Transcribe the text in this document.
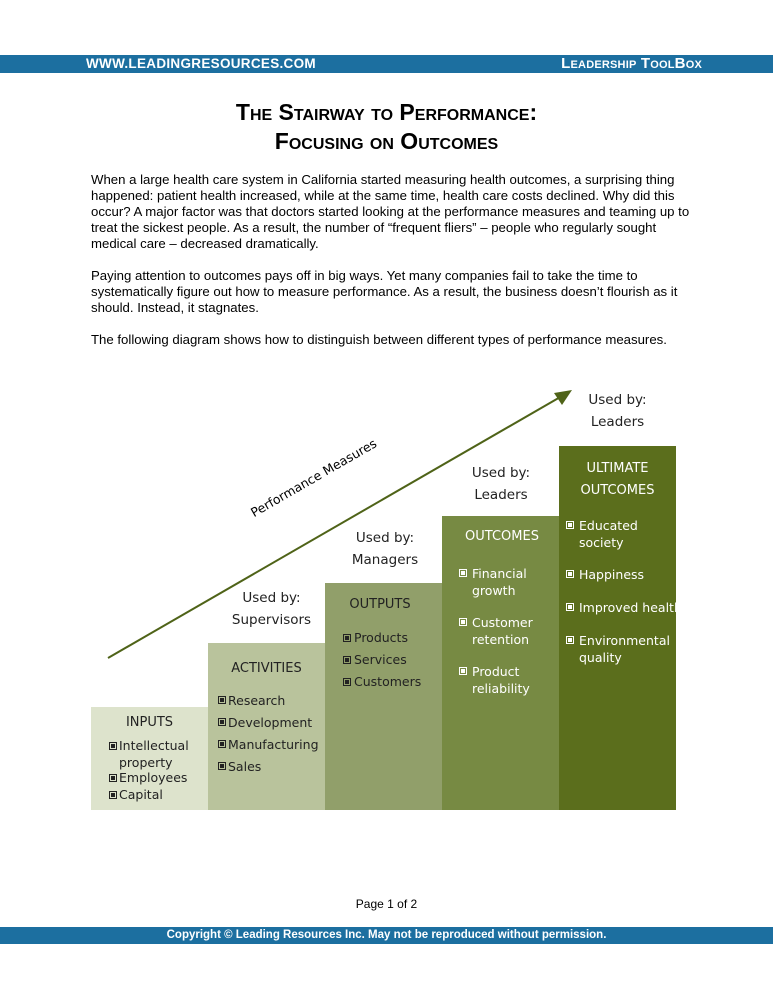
WWW.LEADINGRESOURCES.COM	Leadership ToolBox
The Stairway to Performance:
Focusing on Outcomes
When a large health care system in California started measuring health outcomes, a surprising thing happened: patient health increased, while at the same time, health care costs declined. Why did this occur? A major factor was that doctors started looking at the performance measures and teaming up to treat the sickest people. As a result, the number of “frequent fliers” – people who regularly sought medical care – decreased dramatically.
Paying attention to outcomes pays off in big ways. Yet many companies fail to take the time to systematically figure out how to measure performance. As a result, the business doesn’t flourish as it should. Instead, it stagnates.
The following diagram shows how to distinguish between different types of performance measures.
Performance Measures
INPUTS
Intellectual property
Employees
Capital
Used by:
Supervisors
ACTIVITIES
Research
Development
Manufacturing
Sales
Used by:
Managers
OUTPUTS
Products
Services
Customers
Used by:
Leaders
OUTCOMES
Financial growth
Customer retention
Product reliability
Used by:
Leaders
ULTIMATE
OUTCOMES
Educated society
Happiness
Improved health
Environmental quality
Page 1 of 2
Copyright © Leading Resources Inc. May not be reproduced without permission.
